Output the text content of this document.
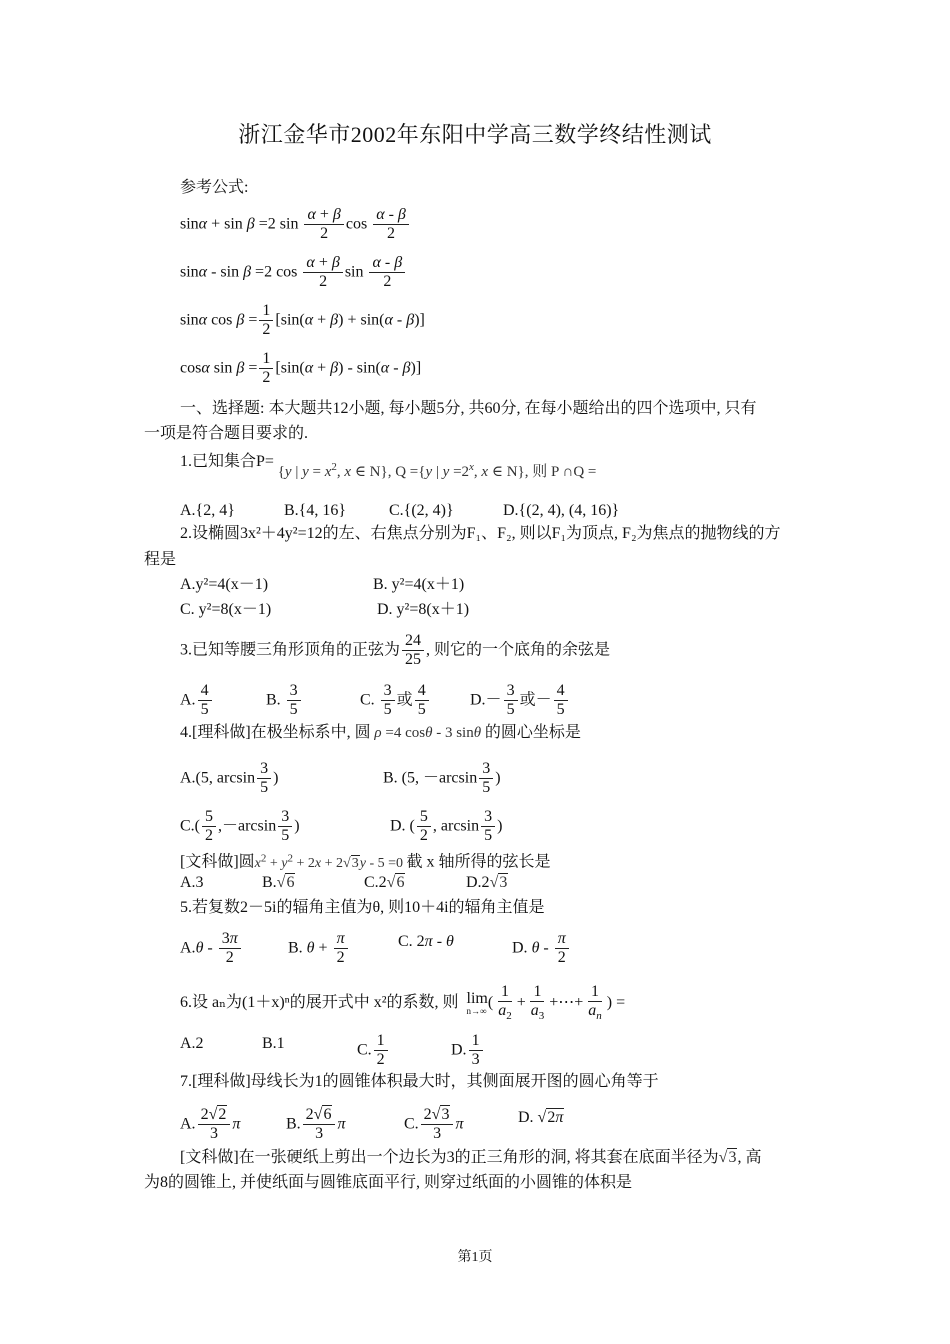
浙江金华市2002年东阳中学高三数学终结性测试
参考公式:
sinα + sin β =2 $\sin \frac{\alpha + \beta}{2}$ $\cos \frac{\alpha - \beta}{2}$
sinα - sin β =2 $\cos \frac{\alpha + \beta}{2}$ $\sin \frac{\alpha - \beta}{2}$
sinα $\cos \beta = \frac{1}{2} [\sin(\alpha + \beta) + \sin(\alpha - \beta)]$
cosα $\sin \beta = \frac{1}{2} [\sin(\alpha + \beta) - \sin(\alpha - \beta)]$
一、选择题: 本大题共12小题, 每小题5分, 共60分, 在每小题给出的四个选项中, 只有
一项是符合题目要求的.
1.已知集合P= {y | $y = x^2$, x ∈ N}, Q ={y | $y =2^x$, x ∈ N}, 则 P ∩Q =
A.{2, 4}	B.{4, 16}	C.{(2, 4)}	D.{(2, 4), (4, 16)}
2.设椭圆3x²＋4y²=12的左、右焦点分别为F₁、F₂, 则以F₁为顶点, F₂为焦点的抛物线的方
程是
A.y²=4(x－1)	B. y²=4(x＋1)
C. y²=8(x－1)	D. y²=8(x＋1)
3.已知等腰三角形顶角的正弦为 $\frac{24}{25}$ , 则它的一个底角的余弦是
A. $\frac{4}{5}$	B. $\frac{3}{5}$	C. $\frac{3}{5}$ 或 $\frac{4}{5}$	$D.- \frac{3}{5}$ 或－ $\frac{4}{5}$
4.[理科做]在极坐标系中, 圆 ρ =4 cosθ - 3 sinθ 的圆心坐标是
A.(5, $\arcsin \frac{3}{5}$ )	B. (5, $-\arcsin \frac{3}{5}$ )
$C.( \frac{5}{2} ,-\arcsin \frac{3}{5}$ )	D. ( $\frac{5}{2}$ , $\arcsin \frac{3}{5}$ )
[文科做]圆$x^2 + y^2 + 2x + 2√3y - 5 =0$ 截 x 轴所得的弦长是
A.3	B.√6	C.2√6	D.2√3
5.若复数2－5i的辐角主值为θ, 则10＋4i的辐角主值是
$A.\theta - \frac{3\pi}{2}$	B. $\theta + \frac{\pi}{2}$	C. 2π - θ	D. θ - $\frac{\pi}{2}$
6.设 aₙ为(1＋x)ⁿ的展开式中 x²的系数, 则 lim
n→∞ ( $\frac{1}{a_2} + \frac{1}{a_3}$ +⋯+ $\frac{1}{a_n}$ ) =
A.2	B.1	C. $\frac{1}{2}$	D. $\frac{1}{3}$
7.[理科做]母线长为1的圆锥体积最大时，其侧面展开图的圆心角等于
A. $\frac{2√2}{3}$ π	B. $\frac{2√6}{3}$ π	C. $\frac{2√3}{3}$ π	D. √2π
[文科做]在一张硬纸上剪出一个边长为3的正三角形的洞, 将其套在底面半径为√3, 高
为8的圆锥上, 并使纸面与圆锥底面平行, 则穿过纸面的小圆锥的体积是
第1页
